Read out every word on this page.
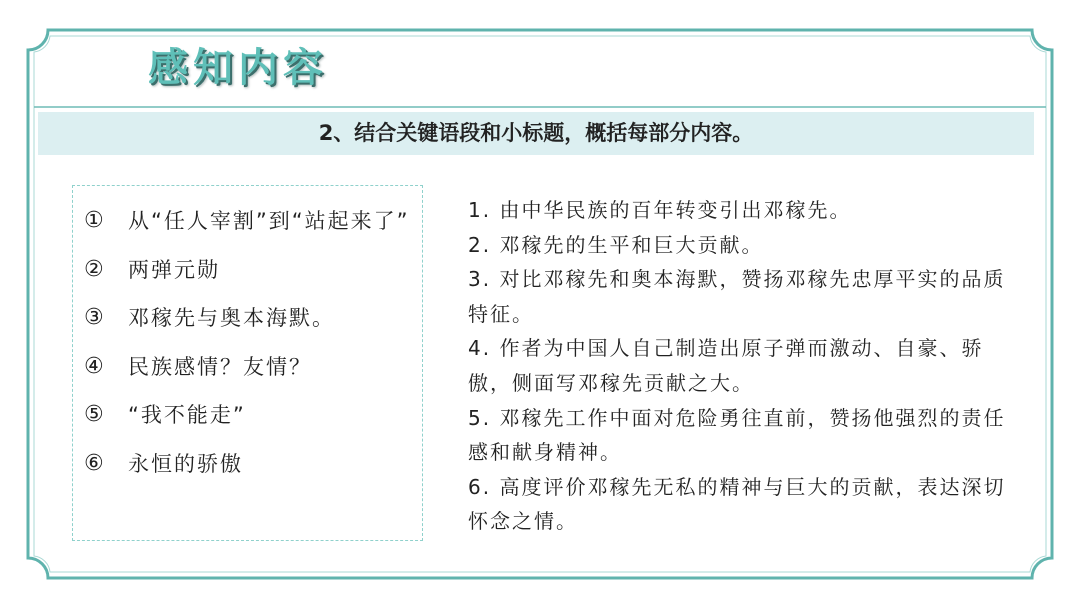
感知内容
2、结合关键语段和小标题，概括每部分内容。
①	从“任人宰割”到“站起来了”
②	两弹元勋
③	邓稼先与奥本海默。
④	民族感情？友情？
⑤	“我不能走”
⑥	永恒的骄傲
1. 由中华民族的百年转变引出邓稼先。
2. 邓稼先的生平和巨大贡献。
3. 对比邓稼先和奥本海默，赞扬邓稼先忠厚平实的品质特征。
4. 作者为中国人自己制造出原子弹而激动、自豪、骄傲，侧面写邓稼先贡献之大。
5. 邓稼先工作中面对危险勇往直前，赞扬他强烈的责任感和献身精神。
6. 高度评价邓稼先无私的精神与巨大的贡献，表达深切怀念之情。
